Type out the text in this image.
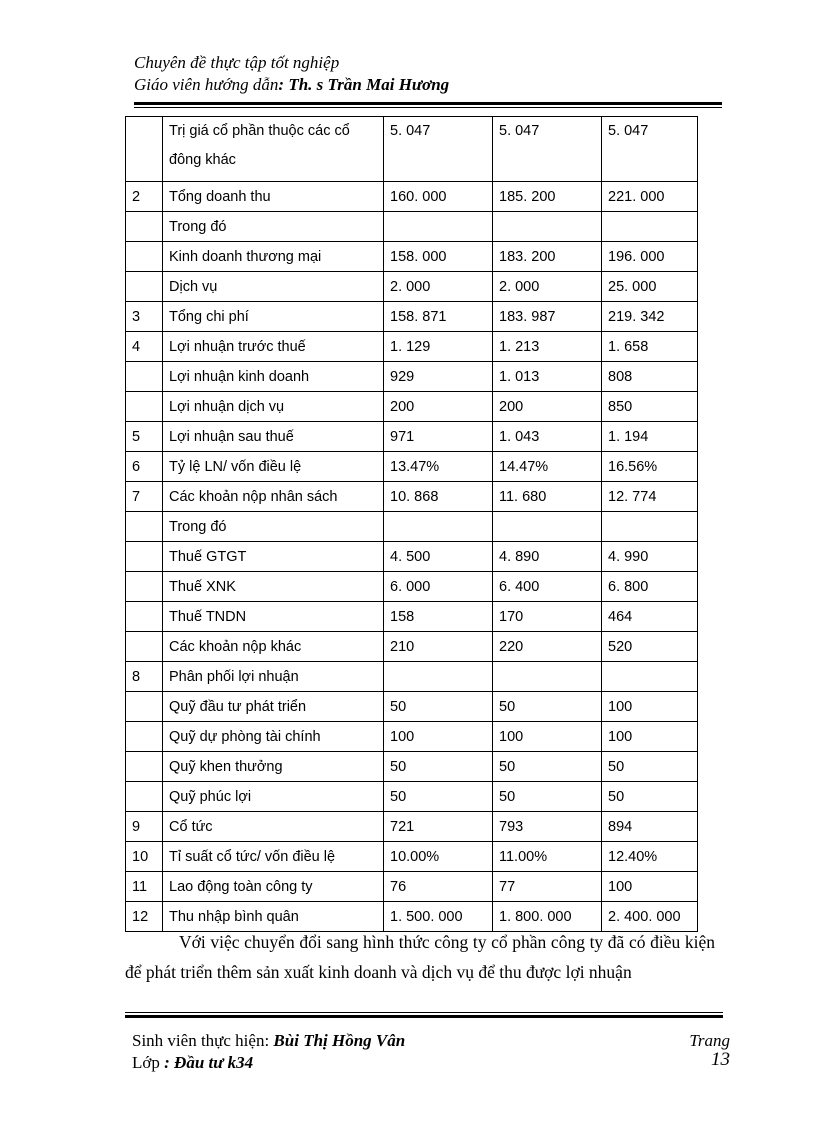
Chuyên đề thực tập tốt nghiệp
Giáo viên hướng dẫn: Th. s Trần Mai Hương
	Trị giá cổ phần thuộc các cổ đông khác	5. 047	5. 047	5. 047
2	Tổng doanh thu	160. 000	185. 200	221. 000
	Trong đó			
	Kinh doanh thương mại	158. 000	183. 200	196. 000
	Dịch vụ	2. 000	2. 000	25. 000
3	Tổng chi phí	158. 871	183. 987	219. 342
4	Lợi nhuận trước thuế	1. 129	1. 213	1. 658
	Lợi nhuận kinh doanh	929	1. 013	808
	Lợi nhuận dịch vụ	200	200	850
5	Lợi nhuận sau thuế	971	1. 043	1. 194
6	Tỷ lệ LN/ vốn điều lệ	13.47%	14.47%	16.56%
7	Các khoản nộp nhân sách	10. 868	11. 680	12. 774
	Trong đó			
	Thuế GTGT	4. 500	4. 890	4. 990
	Thuế XNK	6. 000	6. 400	6. 800
	Thuế TNDN	158	170	464
	Các khoản nộp khác	210	220	520
8	Phân phối lợi nhuận			
	Quỹ đầu tư phát triển	50	50	100
	Quỹ dự phòng tài chính	100	100	100
	Quỹ khen thưởng	50	50	50
	Quỹ phúc lợi	50	50	50
9	Cổ tức	721	793	894
10	Tỉ suất cổ tức/ vốn điều lệ	10.00%	11.00%	12.40%
11	Lao động toàn công ty	76	77	100
12	Thu nhập bình quân	1. 500. 000	1. 800. 000	2. 400. 000

Với việc chuyển đổi sang hình thức công ty cổ phần công ty đã có điều kiện để phát triển thêm sản xuất kinh doanh và dịch vụ để thu được lợi nhuận

Sinh viên thực hiện: Bùi Thị Hồng Vân
Lớp : Đầu tư k34
Trang
13
